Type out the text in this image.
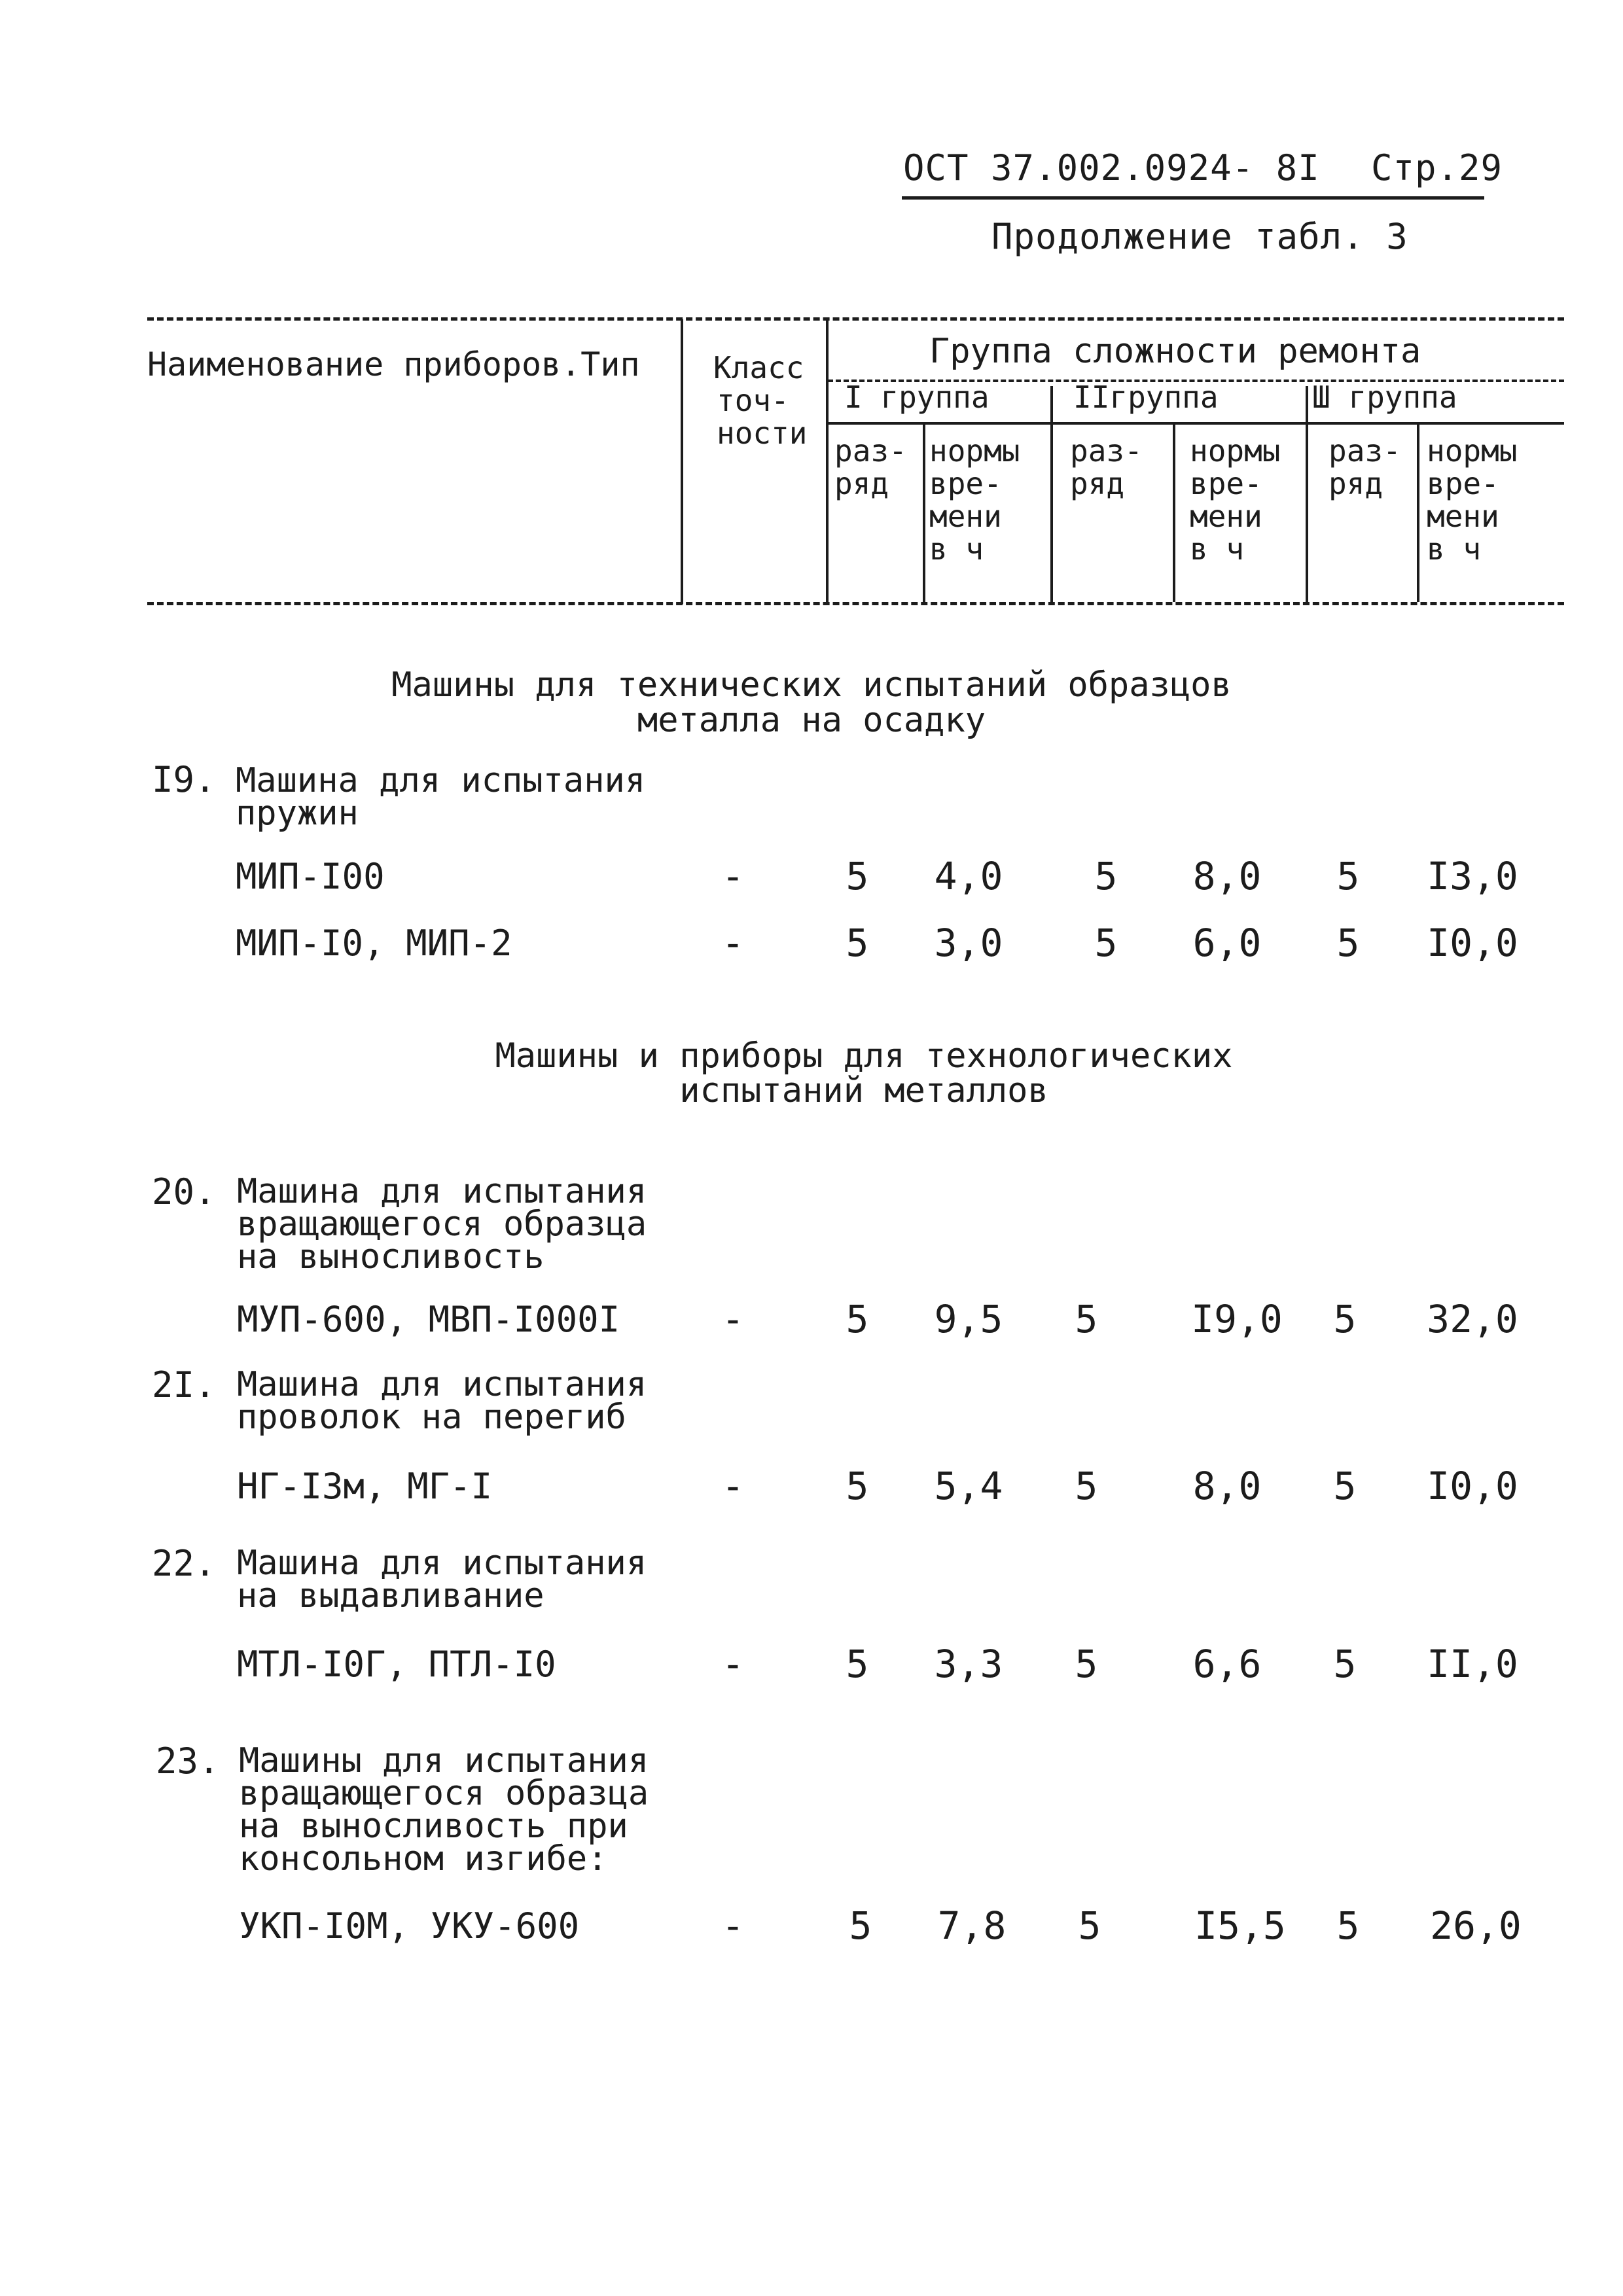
ОСТ 37.002.0924- 8I Стр.29
Продолжение табл. 3
Наименование приборов.Тип Класс
точ-
ности
Группа сложности ремонта
I группа	IIгруппа	Ш группа
раз-
ряд
нормы
вре-
мени
в ч
раз-
ряд
нормы
вре-
мени
в ч
раз-
ряд
нормы
вре-
мени
в ч
Машины для технических испытаний образцов
металла на осадку
I9. Машина для испытания
пружин
МИП-I00	-	5	4,0	5	8,0	5	I3,0
МИП-I0, МИП-2	-	5	3,0	5	6,0	5	I0,0
Машины и приборы для технологических
испытаний металлов
20. Машина для испытания
вращающегося образца
на выносливость
МУП-600, МВП-I000I	-	5	9,5	5	I9,0	5	32,0
2I. Машина для испытания
проволок на перегиб
НГ-I3м, МГ-I	-	5	5,4	5	8,0	5	I0,0
22. Машина для испытания
на выдавливание
МТЛ-I0Г, ПТЛ-I0	-	5	3,3	5	6,6	5	II,0
23. Машины для испытания
вращающегося образца
на выносливость при
консольном изгибе:
УКП-I0М, УКУ-600	-	5	7,8	5	I5,5	5	26,0
